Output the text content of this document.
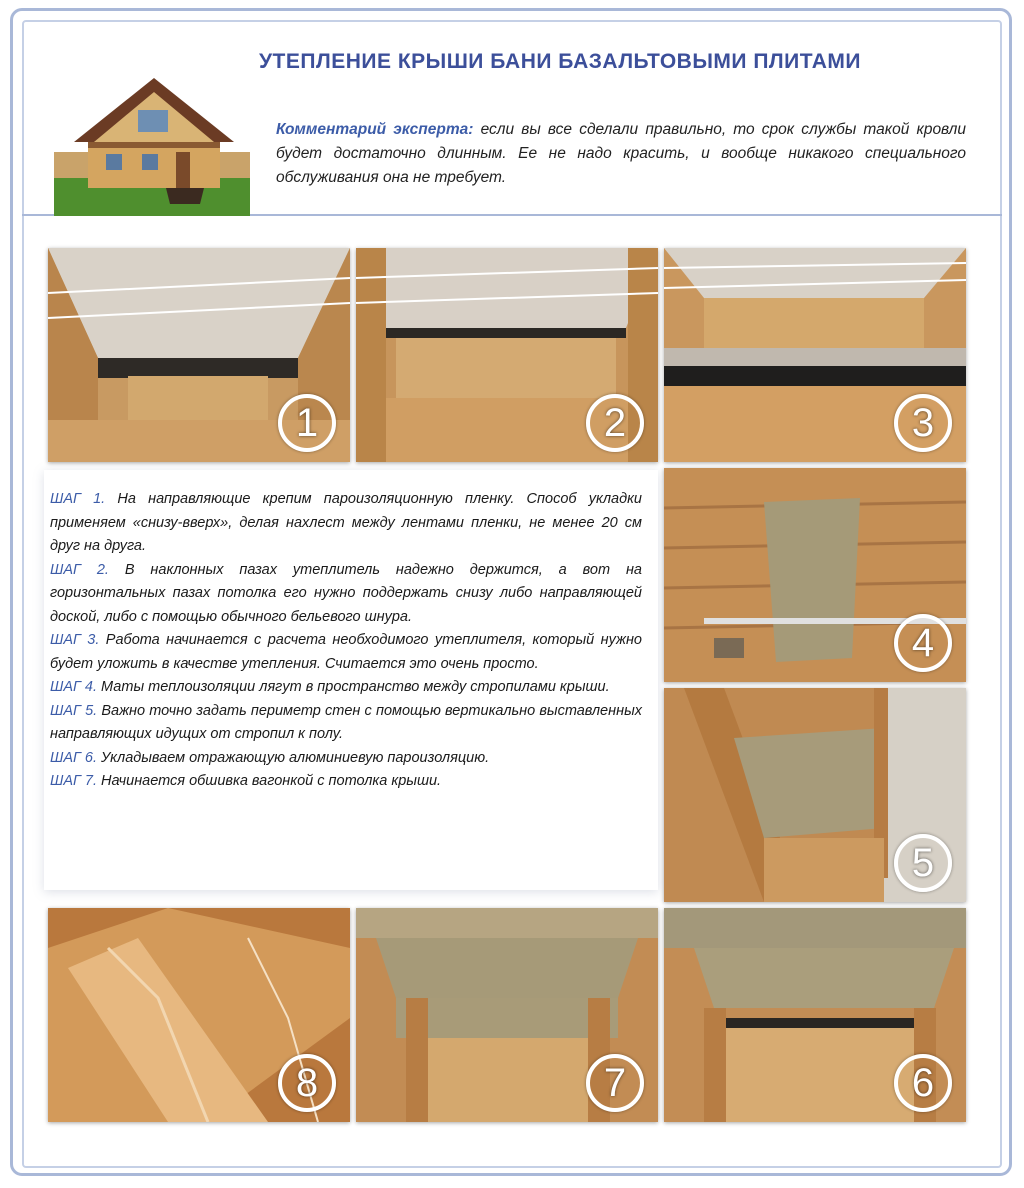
УТЕПЛЕНИЕ КРЫШИ БАНИ БАЗАЛЬТОВЫМИ ПЛИТАМИ
Комментарий эксперта: если вы все сделали правильно, то срок службы такой кровли будет достаточно длинным. Ее не надо красить, и вообще никакого специального обслуживания она не требует.
1	2	3

ШАГ 1. На направляющие крепим пароизоляционную пленку. Способ укладки применяем «снизу-вверх», делая нахлест между лентами пленки, не менее 20 см друг на друга.

ШАГ 2. В наклонных пазах утеплитель надежно держится, а вот на горизонтальных пазах потолка его нужно поддержать снизу либо направляющей доской, либо с помощью обычного бельевого шнура.

ШАГ 3. Работа начинается с расчета необходимого утеплителя, который нужно будет уложить в качестве утепления. Считается это очень просто.

ШАГ 4. Маты теплоизоляции лягут в пространство между стропилами крыши.

ШАГ 5. Важно точно задать периметр стен с помощью вертикально выставленных направляющих идущих от стропил к полу.

ШАГ 6. Укладываем отражающую алюминиевую пароизоляцию.

ШАГ 7. Начинается обшивка вагонкой с потолка крыши.

4
5
8	7	6
